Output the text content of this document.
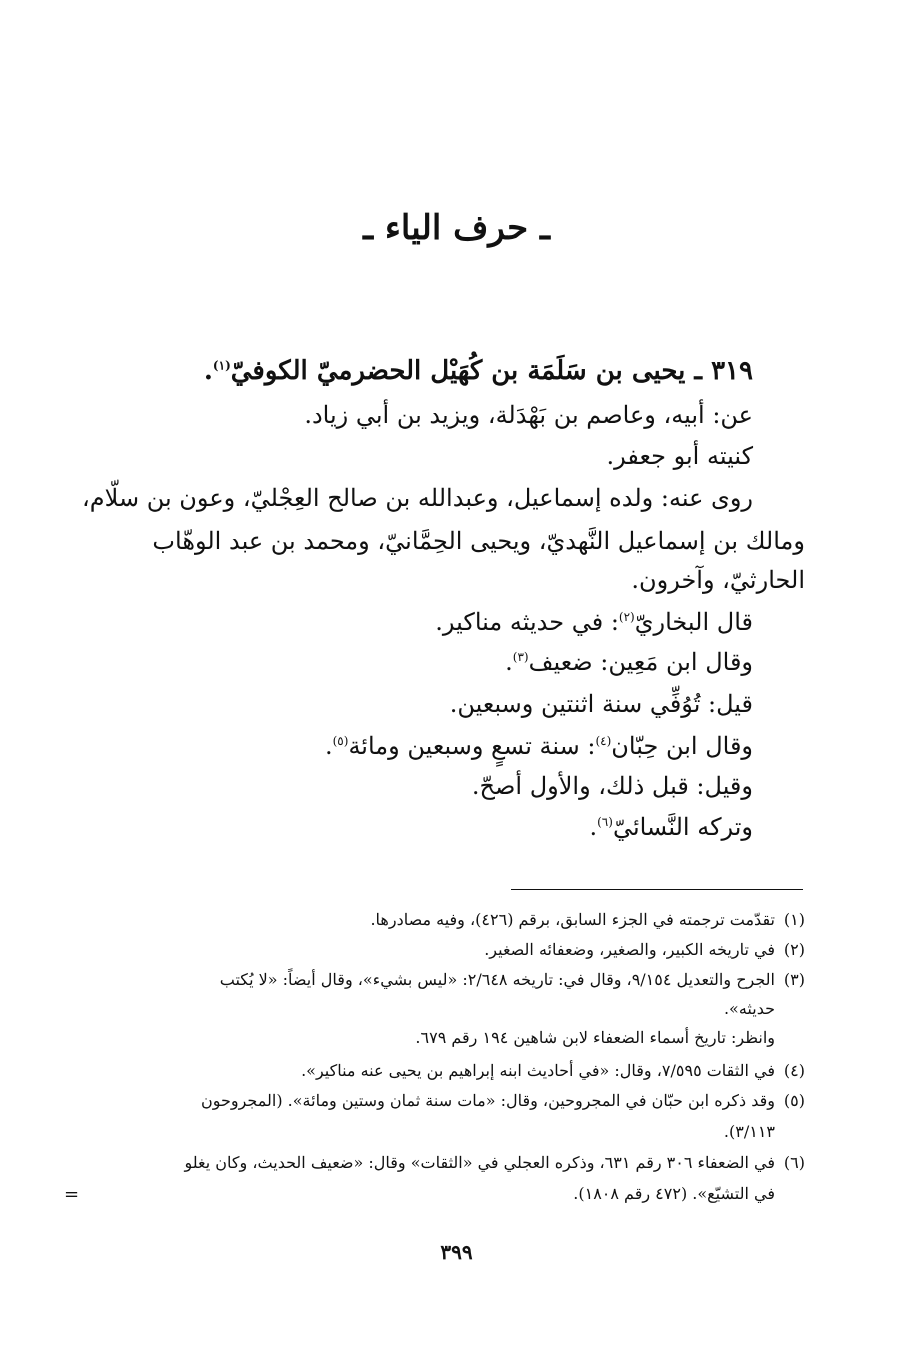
ـ حرف الياء ـ
٣١٩ ـ يحيى بن سَلَمَة بن كُهَيْل الحضرميّ الكوفيّ$^{(١)}$.
عن: أبيه، وعاصم بن بَهْدَلة، ويزيد بن أبي زياد.
كنيته أبو جعفر.
روى عنه: ولده إسماعيل، وعبدالله بن صالح العِجْليّ، وعون بن سلّام،
ومالك بن إسماعيل النَّهديّ، ويحيى الحِمَّانيّ، ومحمد بن عبد الوهّاب
الحارثيّ، وآخرون.
قال البخاريّ$^{(٢)}$: في حديثه مناكير.
وقال ابن مَعِين: ضعيف$^{(٣)}$.
قيل: تُوُفِّي سنة اثنتين وسبعين.
وقال ابن حِبّان$^{(٤)}$: سنة تسعٍ وسبعين ومائة$^{(٥)}$.
وقيل: قبل ذلك، والأول أصحّ.
وتركه النَّسائيّ$^{(٦)}$.
(١)تقدّمت ترجمته في الجزء السابق، برقم (٤٢٦)، وفيه مصادرها.
(٢)في تاريخه الكبير، والصغير، وضعفائه الصغير.
(٣)الجرح والتعديل ٩/١٥٤، وقال في: تاريخه ٢/٦٤٨: «ليس بشيء»، وقال أيضاً: «لا يُكتب
حديثه».
وانظر: تاريخ أسماء الضعفاء لابن شاهين ١٩٤ رقم ٦٧٩.
(٤)في الثقات ٧/٥٩٥، وقال: «في أحاديث ابنه إبراهيم بن يحيى عنه مناكير».
(٥)وقد ذكره ابن حبّان في المجروحين، وقال: «مات سنة ثمان وستين ومائة». (المجروحون
٣/١١٣).
(٦)في الضعفاء ٣٠٦ رقم ٦٣١، وذكره العجلي في «الثقات» وقال: «ضعيف الحديث، وكان يغلو
في التشيّع». (٤٧٢ رقم ١٨٠٨).
=
٣٩٩
